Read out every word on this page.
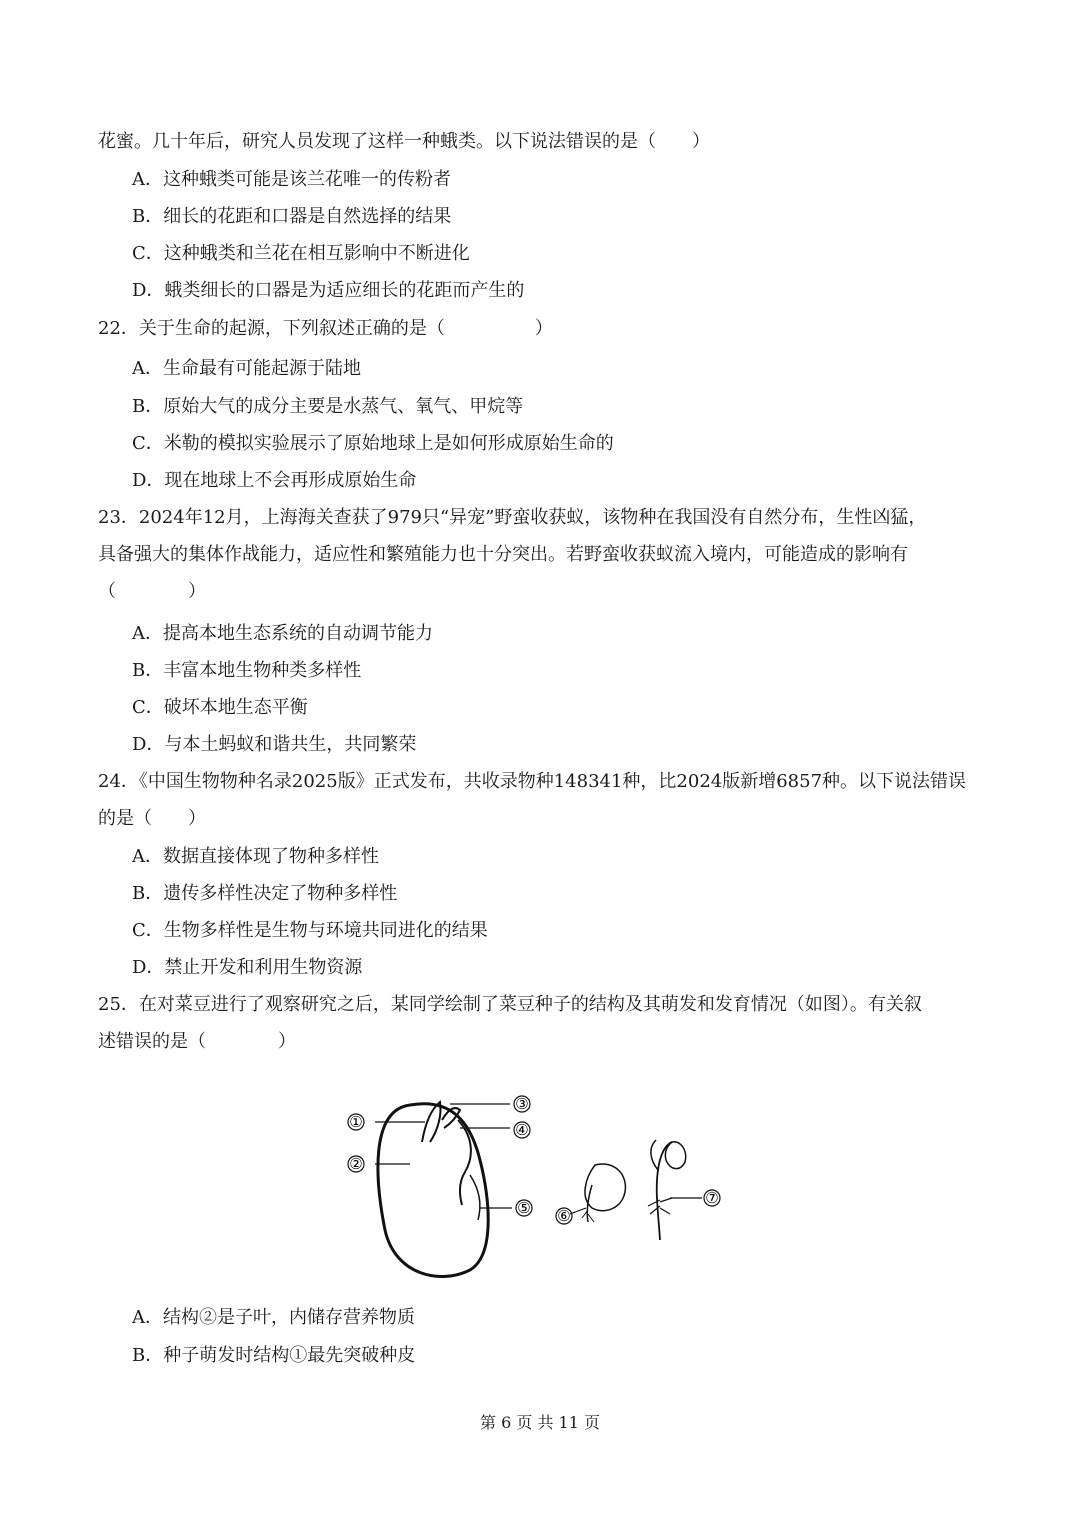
花蜜。几十年后，研究人员发现了这样一种蛾类。以下说法错误的是（　　）
A．这种蛾类可能是该兰花唯一的传粉者
B．细长的花距和口器是自然选择的结果
C．这种蛾类和兰花在相互影响中不断进化
D．蛾类细长的口器是为适应细长的花距而产生的
22．关于生命的起源，下列叙述正确的是（　　　　　）
A．生命最有可能起源于陆地
B．原始大气的成分主要是水蒸气、氧气、甲烷等
C．米勒的模拟实验展示了原始地球上是如何形成原始生命的
D．现在地球上不会再形成原始生命
23．2024年12月，上海海关查获了979只“异宠”野蛮收获蚁，该物种在我国没有自然分布，生性凶猛，
具备强大的集体作战能力，适应性和繁殖能力也十分突出。若野蛮收获蚁流入境内，可能造成的影响有
（　　　　）
A．提高本地生态系统的自动调节能力
B．丰富本地生物种类多样性
C．破坏本地生态平衡
D．与本土蚂蚁和谐共生，共同繁荣
24．《中国生物物种名录2025版》正式发布，共收录物种148341种，比2024版新增6857种。以下说法错误
的是（　　）
A．数据直接体现了物种多样性
B．遗传多样性决定了物种多样性
C．生物多样性是生物与环境共同进化的结果
D．禁止开发和利用生物资源
25．在对菜豆进行了观察研究之后，某同学绘制了菜豆种子的结构及其萌发和发育情况（如图）。有关叙
述错误的是（　　　　）
①
②
③
④
⑤ ⑥
⑦
A．结构②是子叶，内储存营养物质
B．种子萌发时结构①最先突破种皮
第 6 页 共 11 页
